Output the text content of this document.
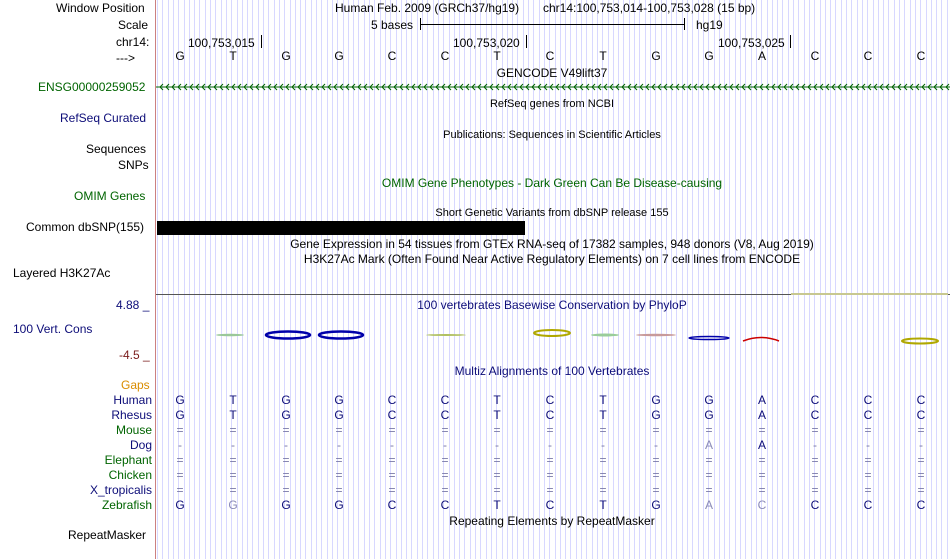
Window Position	Human Feb. 2009 (GRCh37/hg19) chr14:100,753,014-100,753,028 (15 bp)
Scale	5 bases	hg19
chr14:	100,753,015	100,753,020	100,753,025
--->	G	T	G	G	C	C	T	C	T	G	G	A	C	C	C
GENCODE V49lift37
ENSG00000259052
RefSeq genes from NCBI
RefSeq Curated
Publications: Sequences in Scientific Articles
Sequences
SNPs
OMIM Gene Phenotypes - Dark Green Can Be Disease-causing
OMIM Genes
Short Genetic Variants from dbSNP release 155
Common dbSNP(155)
Gene Expression in 54 tissues from GTEx RNA-seq of 17382 samples, 948 donors (V8, Aug 2019)
H3K27Ac Mark (Often Found Near Active Regulatory Elements) on 7 cell lines from ENCODE
Layered H3K27Ac
4.88 _	100 vertebrates Basewise Conservation by PhyloP
100 Vert. Cons
-4.5 _
Multiz Alignments of 100 Vertebrates
Gaps
Human G	T	G	G	C	C	T	C	T	G	G	A	C	C	C
Rhesus G	T	G	G	C	C	T	C	T	G	G	A	C	C	C
Mouse	=	=	=	=	=	=	=	=	=	=	=	=	=	=	=
Dog	-	-	-	-	-	-	-	-	-	-	A	A	-	-	-
Elephant	=	=	=	=	=	=	=	=	=	=	=	=	=	=	=
Chicken	=	=	=	=	=	=	=	=	=	=	=	=	=	=	=
X_tropicalis	=	=	=	=	=	=	=	=	=	=	=	=	=	=	=
Zebrafish G	G	G	G	C	C	T	C	T	G	A	C	C	C	C
Repeating Elements by RepeatMasker
RepeatMasker
